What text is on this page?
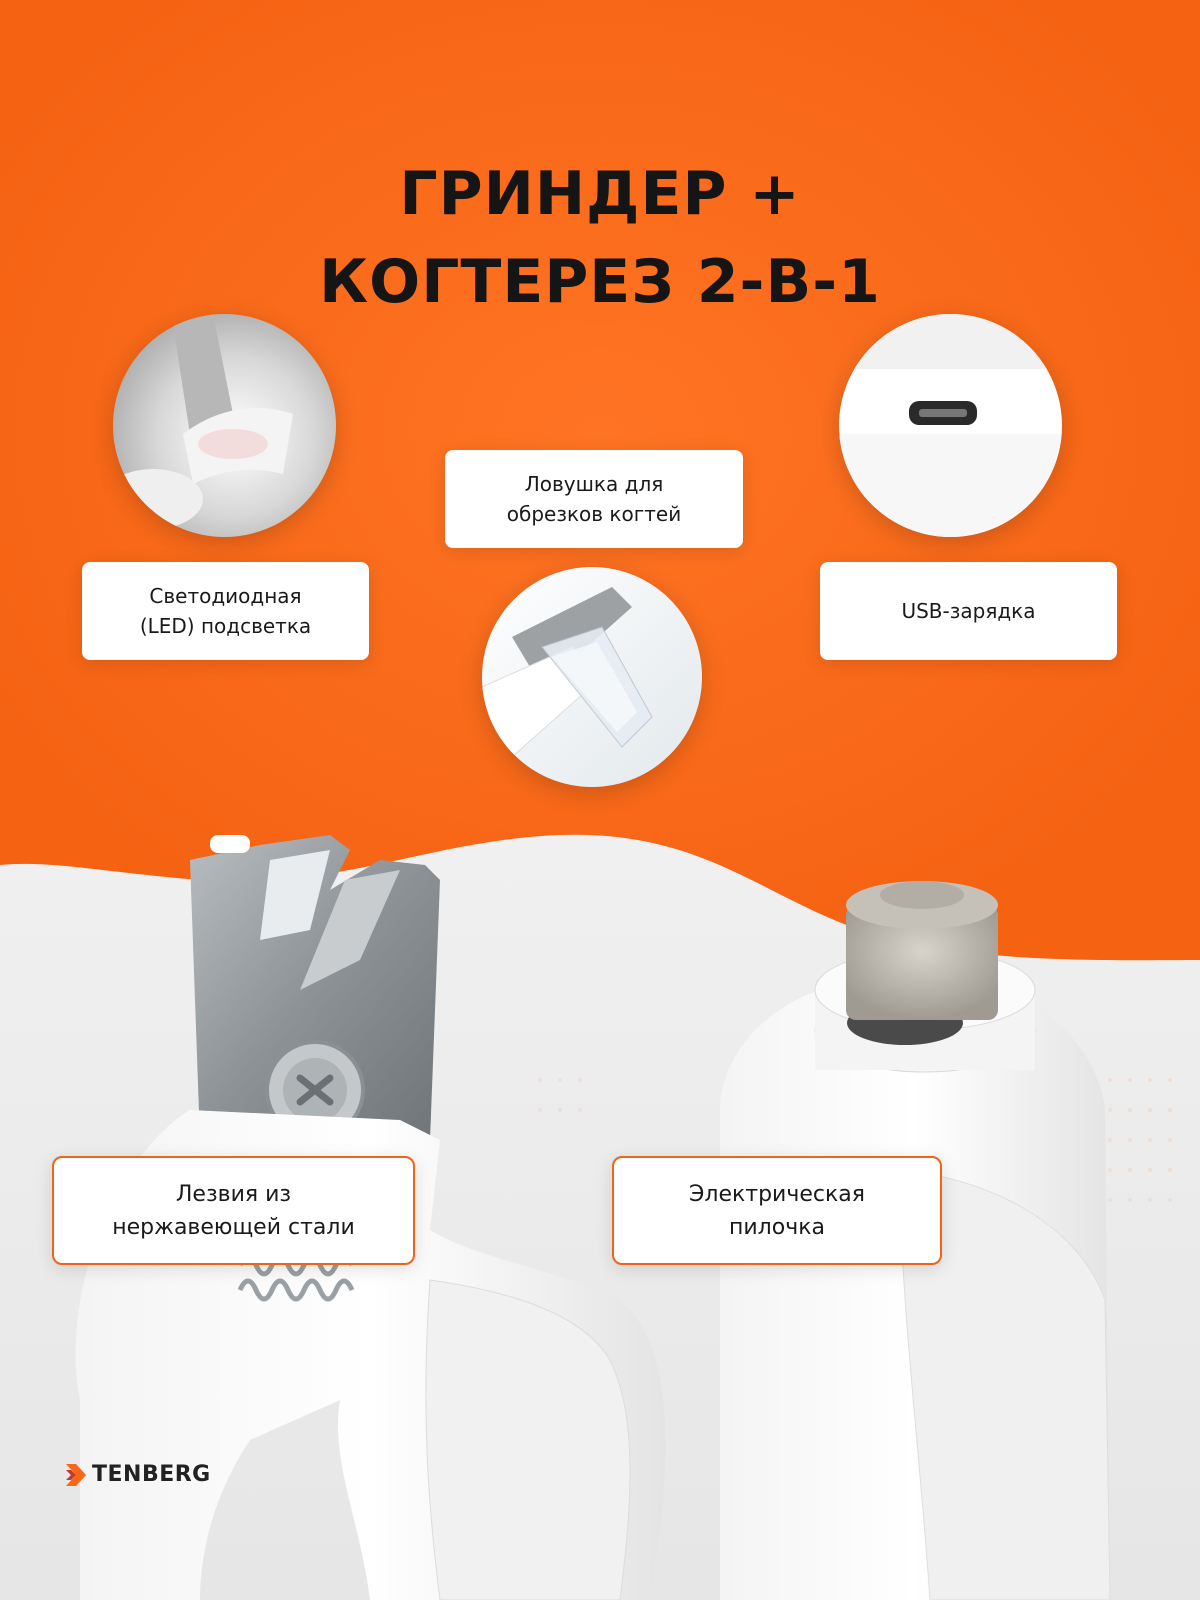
ГРИНДЕР +
КОГТЕРЕЗ 2-В-1
Светодиодная
(LED) подсветка
Ловушка для
обрезков когтей
USB-зарядка
Лезвия из
нержавеющей стали
Электрическая
пилочка
TENBERG
